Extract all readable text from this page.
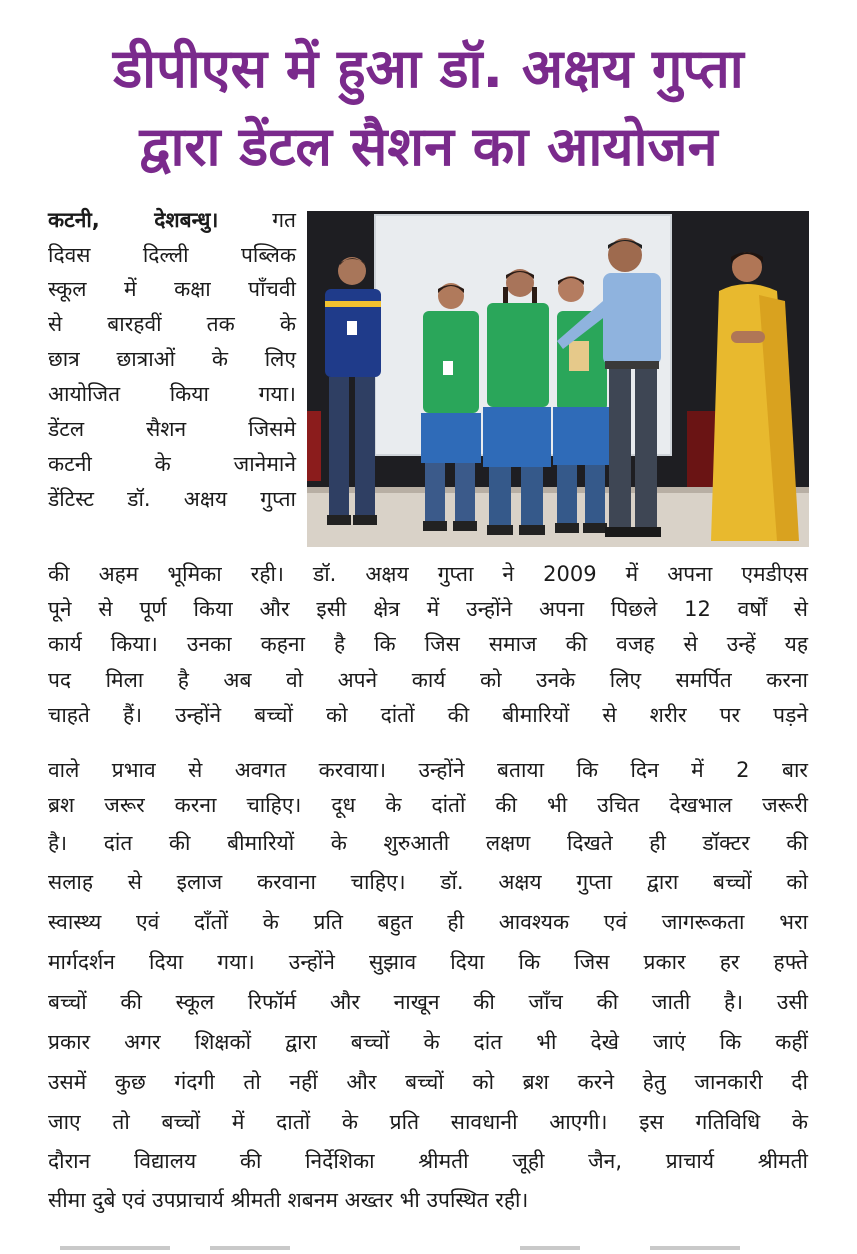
डीपीएस में हुआ डॉ. अक्षय गुप्ता
द्वारा डेंटल सैशन का आयोजन
कटनी, देशबन्धु।	गत
दिवस दिल्ली पब्लिक
स्कूल में कक्षा पाँचवी
से बारहवीं तक के
छात्र छात्राओं के लिए
आयोजित किया गया।
डेंटल सैशन जिसमे
कटनी के जानेमाने
डेंटिस्ट डॉ. अक्षय गुप्ता
की अहम भूमिका रही। डॉ. अक्षय गुप्ता ने 2009 में अपना एमडीएस
पूने से पूर्ण किया और इसी क्षेत्र में उन्होंने अपना पिछले 12 वर्षों से
कार्य किया। उनका कहना है कि जिस समाज की वजह से उन्हें यह
पद मिला है अब वो अपने कार्य को उनके लिए समर्पित करना
चाहते हैं। उन्होंने बच्चों को दांतों की बीमारियों से शरीर पर पड़ने
वाले प्रभाव से अवगत करवाया। उन्होंने बताया कि दिन में 2 बार
ब्रश जरूर करना चाहिए। दूध के दांतों की भी उचित देखभाल जरूरी
है। दांत की बीमारियों के शुरुआती लक्षण दिखते ही डॉक्टर की
सलाह से इलाज करवाना चाहिए। डॉ. अक्षय गुप्ता द्वारा बच्चों को
स्वास्थ्य एवं दाँतों के प्रति बहुत ही आवश्यक एवं जागरूकता भरा
मार्गदर्शन दिया गया। उन्होंने सुझाव दिया कि जिस प्रकार हर हफ्ते
बच्चों की स्कूल रिफॉर्म और नाखून की जाँच की जाती है। उसी
प्रकार अगर शिक्षकों द्वारा बच्चों के दांत भी देखे जाएं कि कहीं
उसमें कुछ गंदगी तो नहीं और बच्चों को ब्रश करने हेतु जानकारी दी
जाए तो बच्चों में दातों के प्रति सावधानी आएगी। इस गतिविधि के
दौरान विद्यालय की निर्देशिका श्रीमती जूही जैन, प्राचार्य श्रीमती
सीमा दुबे एवं उपप्राचार्य श्रीमती शबनम अख्तर भी उपस्थित रही।
